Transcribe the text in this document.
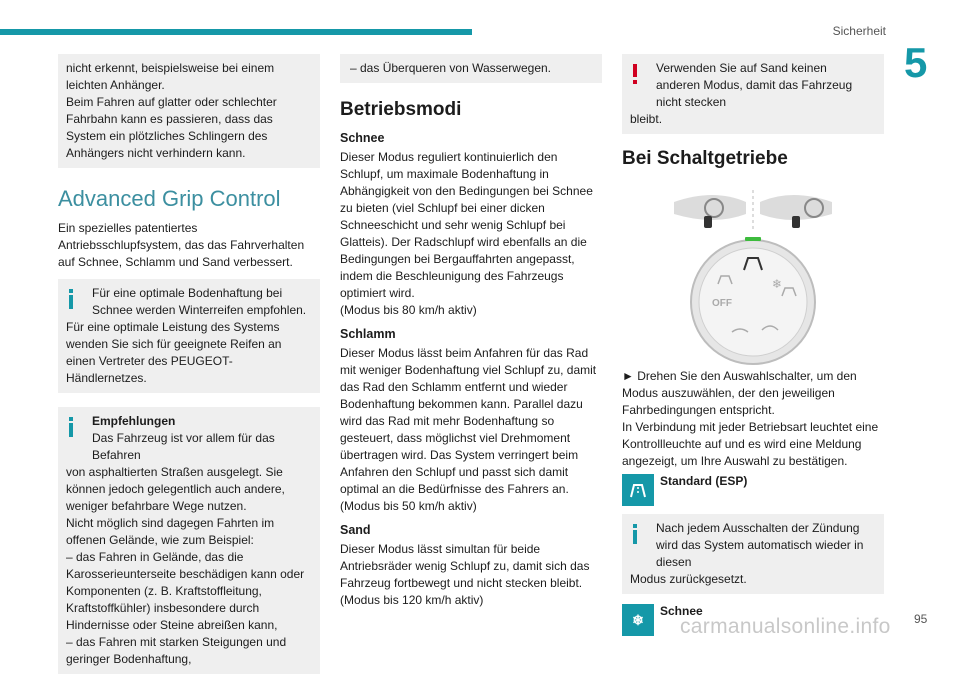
Sicherheit
5

nicht erkennt, beispielsweise bei einem leichten Anhänger.

Beim Fahren auf glatter oder schlechter Fahrbahn kann es passieren, dass das System ein plötzliches Schlingern des Anhängers nicht verhindern kann.

Advanced Grip Control

Ein spezielles patentiertes Antriebsschlupfsystem, das das Fahrverhalten auf Schnee, Schlamm und Sand verbessert.

Für eine optimale Bodenhaftung bei Schnee werden Winterreifen empfohlen.

Für eine optimale Leistung des Systems wenden Sie sich für geeignete Reifen an einen Vertreter des PEUGEOT-Händlernetzes.

Empfehlungen

Das Fahrzeug ist vor allem für das Befahren

von asphaltierten Straßen ausgelegt. Sie können jedoch gelegentlich auch andere, weniger befahrbare Wege nutzen.

Nicht möglich sind dagegen Fahrten im offenen Gelände, wie zum Beispiel:

– das Fahren in Gelände, das die Karosserieunterseite beschädigen kann oder Komponenten (z. B. Kraftstoffleitung, Kraftstoffkühler) insbesondere durch Hindernisse oder Steine abreißen kann,

– das Fahren mit starken Steigungen und geringer Bodenhaftung,

– das Überqueren von Wasserwegen.
Betriebsmodi
Schnee

Dieser Modus reguliert kontinuierlich den Schlupf, um maximale Bodenhaftung in Abhängigkeit von den Bedingungen bei Schnee zu bieten (viel Schlupf bei einer dicken Schneeschicht und sehr wenig Schlupf bei Glatteis). Der Radschlupf wird ebenfalls an die Bedingungen bei Bergauffahrten angepasst, indem die Beschleunigung des Fahrzeugs optimiert wird.

(Modus bis 80 km/h aktiv)

Schlamm

Dieser Modus lässt beim Anfahren für das Rad mit weniger Bodenhaftung viel Schlupf zu, damit das Rad den Schlamm entfernt und wieder Bodenhaftung bekommen kann. Parallel dazu wird das Rad mit mehr Bodenhaftung so gesteuert, dass möglichst viel Drehmoment übertragen wird. Das System verringert beim Anfahren den Schlupf und passt sich damit optimal an die Bedürfnisse des Fahrers an.

(Modus bis 50 km/h aktiv)

Sand

Dieser Modus lässt simultan für beide Antriebsräder wenig Schlupf zu, damit sich das Fahrzeug fortbewegt und nicht stecken bleibt.

(Modus bis 120 km/h aktiv)

Verwenden Sie auf Sand keinen anderen Modus, damit das Fahrzeug nicht stecken

bleibt.

Bei Schaltgetriebe
❄
OFF

► Drehen Sie den Auswahlschalter, um den Modus auszuwählen, der den jeweiligen Fahrbedingungen entspricht.

In Verbindung mit jeder Betriebsart leuchtet eine Kontrollleuchte auf und es wird eine Meldung angezeigt, um Ihre Auswahl zu bestätigen.

Standard (ESP)

Nach jedem Ausschalten der Zündung wird das System automatisch wieder in diesen

Modus zurückgesetzt.

❄
Schnee
carmanualsonline.info 95
